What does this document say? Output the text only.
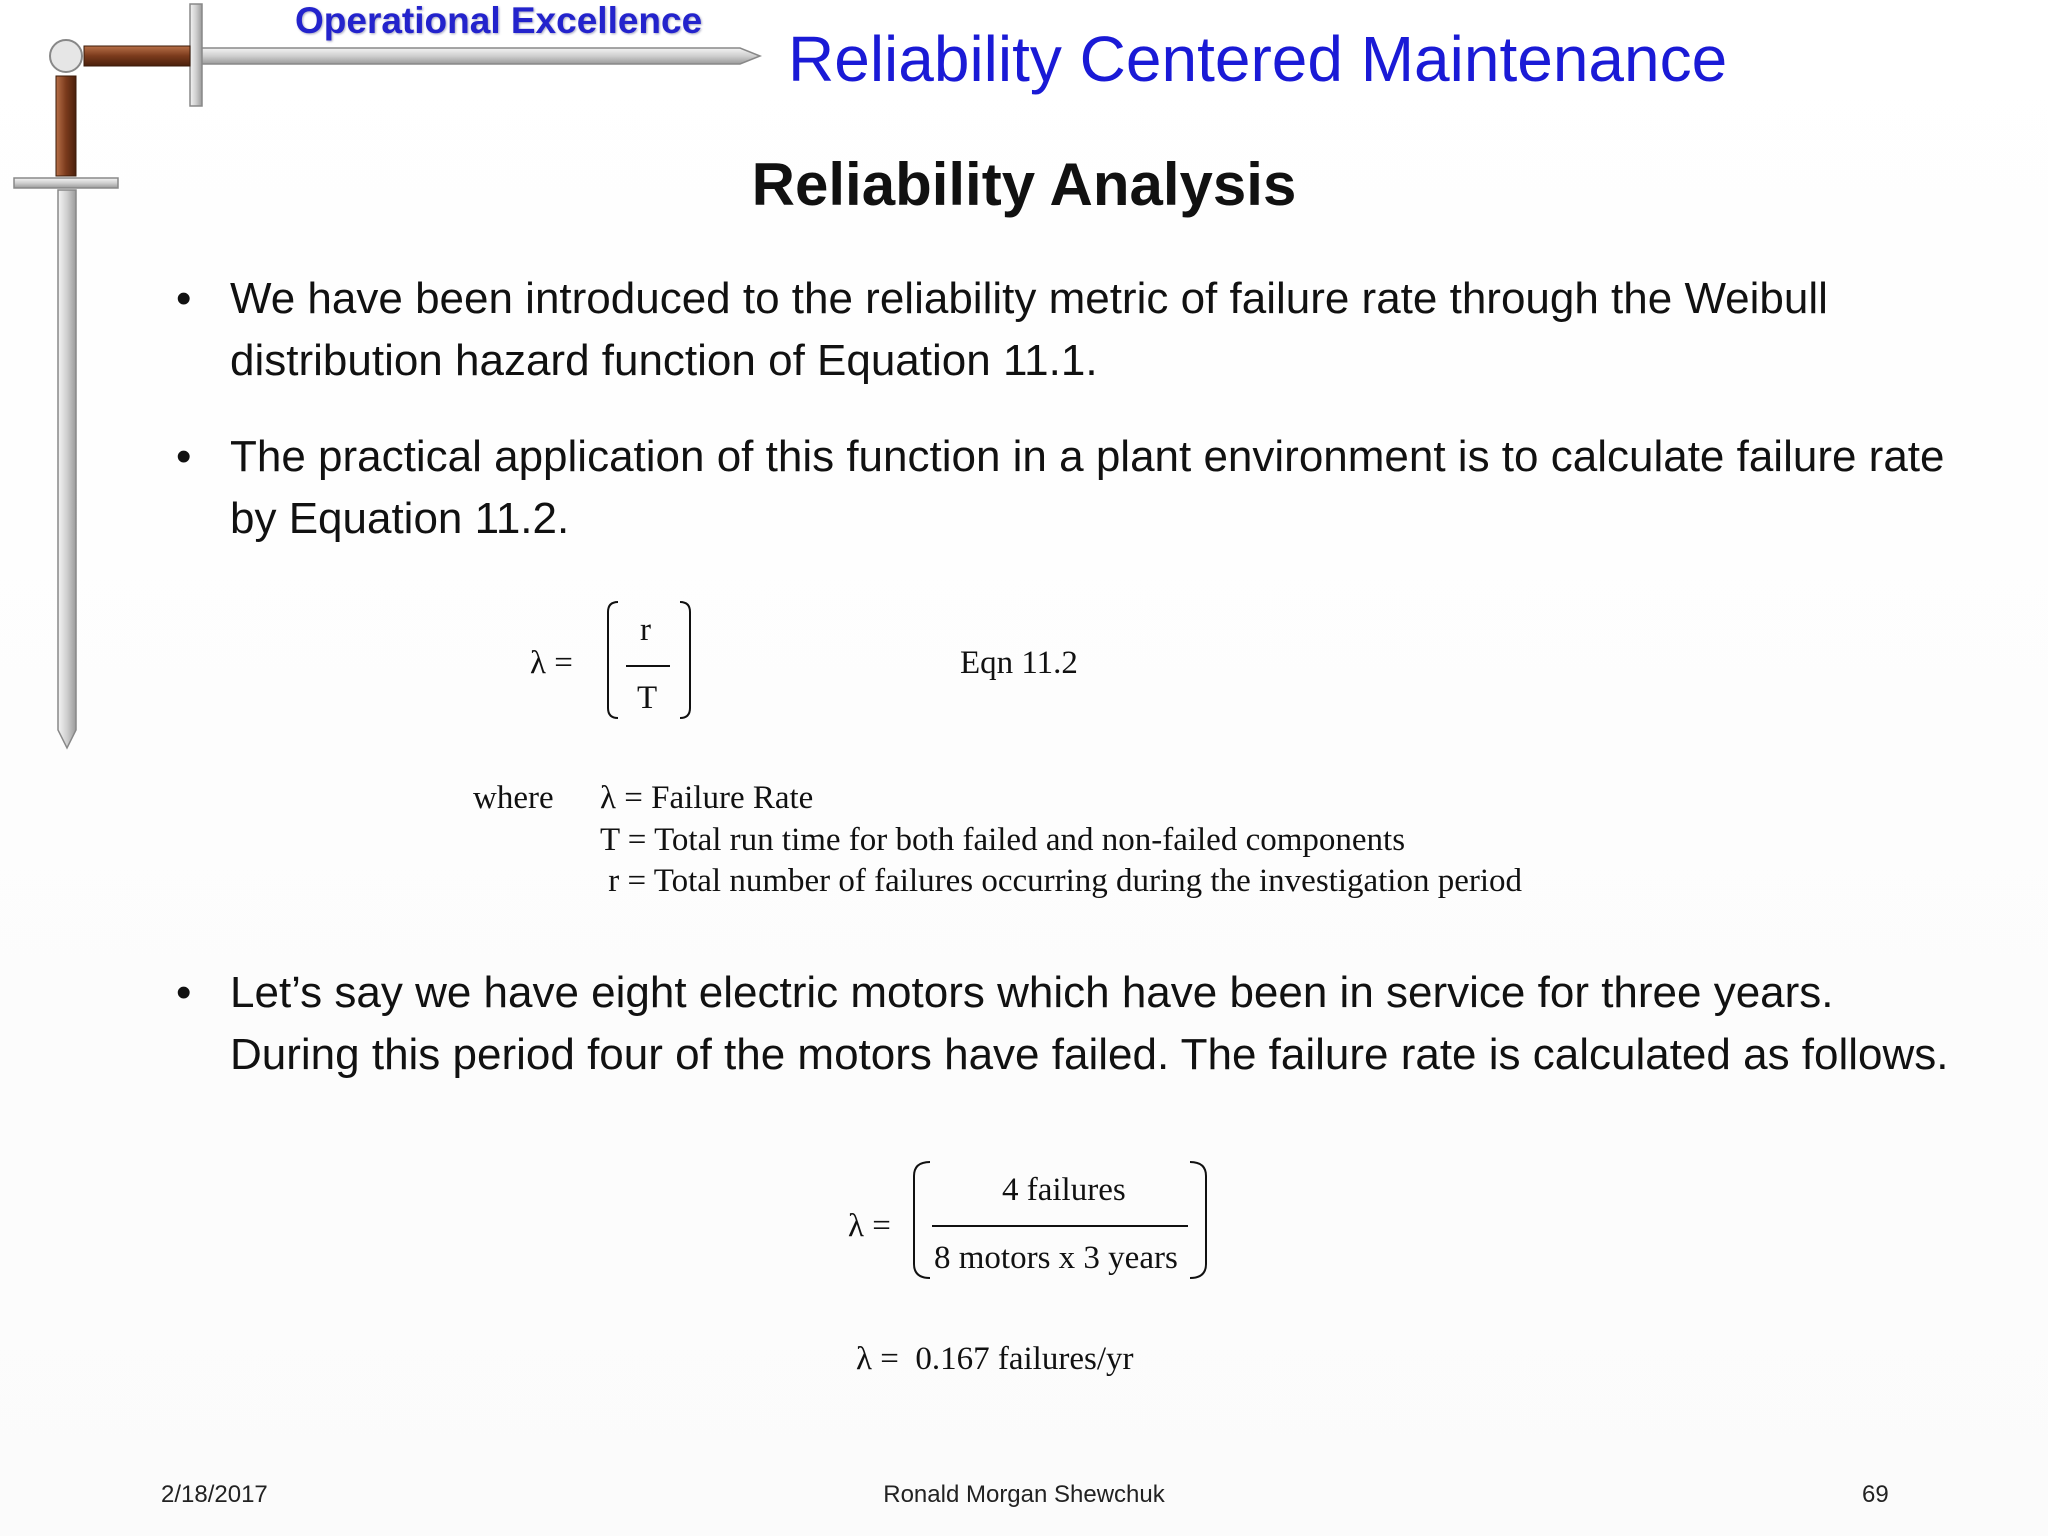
Operational Excellence
Reliability Centered Maintenance
Reliability Analysis
• We have been introduced to the reliability metric of failure rate through the Weibull distribution hazard function of Equation 11.1.
• The practical application of this function in a plant environment is to calculate failure rate by Equation 11.2.
• Let’s say we have eight electric motors which have been in service for three years. During this period four of the motors have failed. The failure rate is calculated as follows.
λ =
r
T
Eqn 11.2
where λ = Failure Rate
T = Total run time for both failed and non-failed components
r = Total number of failures occurring during the investigation period
λ =
4 failures
8 motors x 3 years
λ =  0.167 failures/yr
2/18/2017	Ronald Morgan Shewchuk	69
